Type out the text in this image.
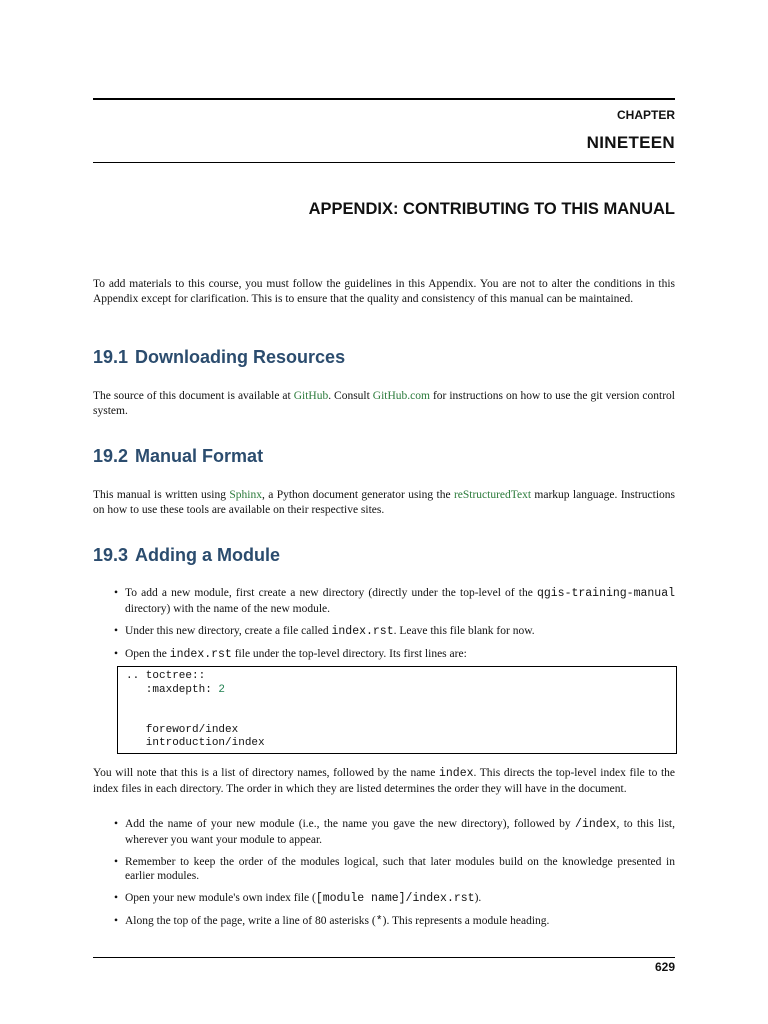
CHAPTER
NINETEEN
APPENDIX: CONTRIBUTING TO THIS MANUAL
To add materials to this course, you must follow the guidelines in this Appendix. You are not to alter the conditions in this Appendix except for clarification. This is to ensure that the quality and consistency of this manual can be maintained.
19.1 Downloading Resources
The source of this document is available at GitHub. Consult GitHub.com for instructions on how to use the git version control system.
19.2 Manual Format
This manual is written using Sphinx, a Python document generator using the reStructuredText markup language. Instructions on how to use these tools are available on their respective sites.
19.3 Adding a Module
• To add a new module, first create a new directory (directly under the top-level of the qgis-training-manual directory) with the name of the new module.
• Under this new directory, create a file called index.rst. Leave this file blank for now.
• Open the index.rst file under the top-level directory. Its first lines are:
.. toctree::
:maxdepth: 2
foreword/index
introduction/index
You will note that this is a list of directory names, followed by the name index. This directs the top-level index file to the index files in each directory. The order in which they are listed determines the order they will have in the document.
• Add the name of your new module (i.e., the name you gave the new directory), followed by /index, to this list, wherever you want your module to appear.
• Remember to keep the order of the modules logical, such that later modules build on the knowledge presented in earlier modules.
• Open your new module's own index file ([module name]/index.rst).
• Along the top of the page, write a line of 80 asterisks (*). This represents a module heading.
629
